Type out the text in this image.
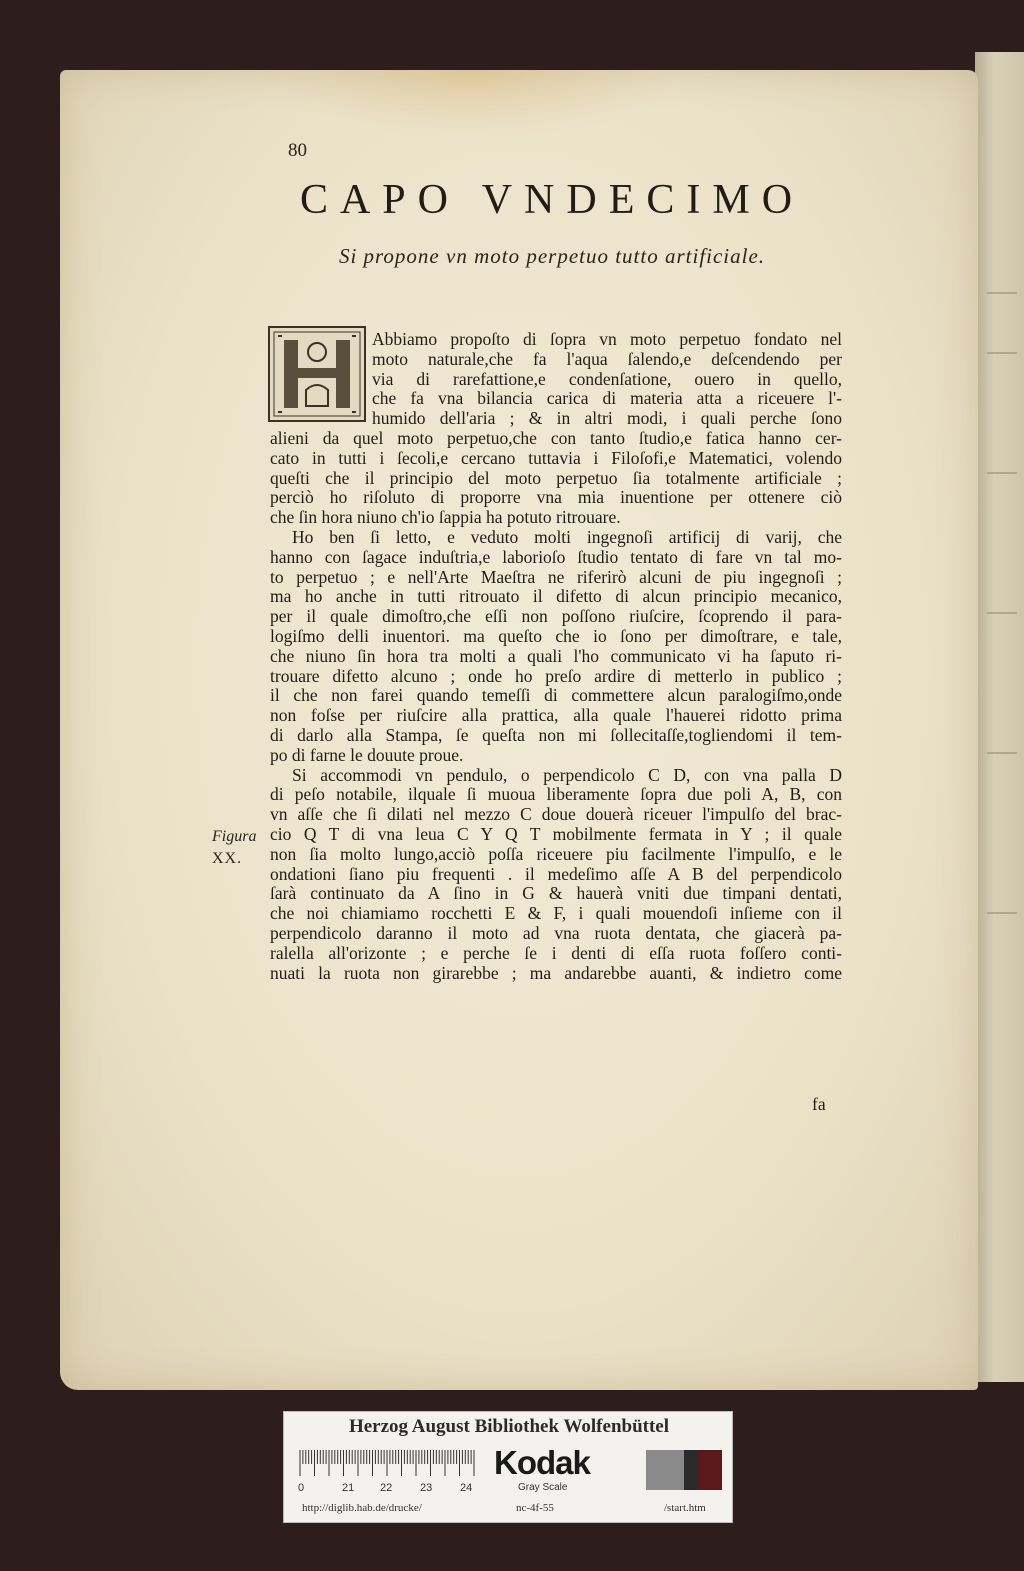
80
CAPO VNDECIMO
Si propone vn moto perpetuo tutto artificiale.
Abbiamo propoſto di ſopra vn moto perpetuo fondato nel
moto naturale,che fa l'aqua ſalendo,e deſcendendo per
via di rarefattione,e condenſatione, ouero in quello,
che fa vna bilancia carica di materia atta a riceuere l'-
humido dell'aria ; & in altri modi, i quali perche ſono
alieni da quel moto perpetuo,che con tanto ſtudio,e fatica hanno cer-
cato in tutti i ſecoli,e cercano tuttavia i Filoſofi,e Matematici, volendo
queſti che il principio del moto perpetuo ſia totalmente artificiale ;
perciò ho riſoluto di proporre vna mia inuentione per ottenere ciò
che ſin hora niuno ch'io ſappia ha potuto ritrouare.
Ho ben ſi letto, e veduto molti ingegnoſi artificij di varij, che
hanno con ſagace induſtria,e laborioſo ſtudio tentato di fare vn tal mo-
to perpetuo ; e nell'Arte Maeſtra ne riferirò alcuni de piu ingegnoſi ;
ma ho anche in tutti ritrouato il difetto di alcun principio mecanico,
per il quale dimoſtro,che eſſi non poſſono riuſcire, ſcoprendo il para-
logiſmo delli inuentori. ma queſto che io ſono per dimoſtrare, e tale,
che niuno ſin hora tra molti a quali l'ho communicato vi ha ſaputo ri-
trouare difetto alcuno ; onde ho preſo ardire di metterlo in publico ;
il che non farei quando temeſſi di commettere alcun paralogiſmo,onde
non foſse per riuſcire alla prattica, alla quale l'hauerei ridotto prima
di darlo alla Stampa, ſe queſta non mi ſollecitaſſe,togliendomi il tem-
po di farne le douute proue.
Si accommodi vn pendulo, o perpendicolo C D, con vna palla D
di peſo notabile, ilquale ſi muoua liberamente ſopra due poli A, B, con
vn aſſe che ſi dilati nel mezzo C doue douerà riceuer l'impulſo del brac-
cio Q T di vna leua C Y Q T mobilmente fermata in Y ; il quale
non ſia molto lungo,acciò poſſa riceuere piu facilmente l'impulſo, e le
ondationi ſiano piu frequenti . il medeſimo aſſe A B del perpendicolo
ſarà continuato da A ſino in G & hauerà vniti due timpani dentati,
che noi chiamiamo rocchetti E & F, i quali mouendoſi inſieme con il
perpendicolo daranno il moto ad vna ruota dentata, che giacerà pa-
ralella all'orizonte ; e perche ſe i denti di eſſa ruota foſſero conti-
nuati la ruota non girarebbe ; ma andarebbe auanti, & indietro come
Figura
XX.
fa
Herzog August Bibliothek Wolfenbüttel
0	21 22	23	24
Kodak
Gray Scale
http://diglib.hab.de/drucke/	nc-4f-55	/start.htm
